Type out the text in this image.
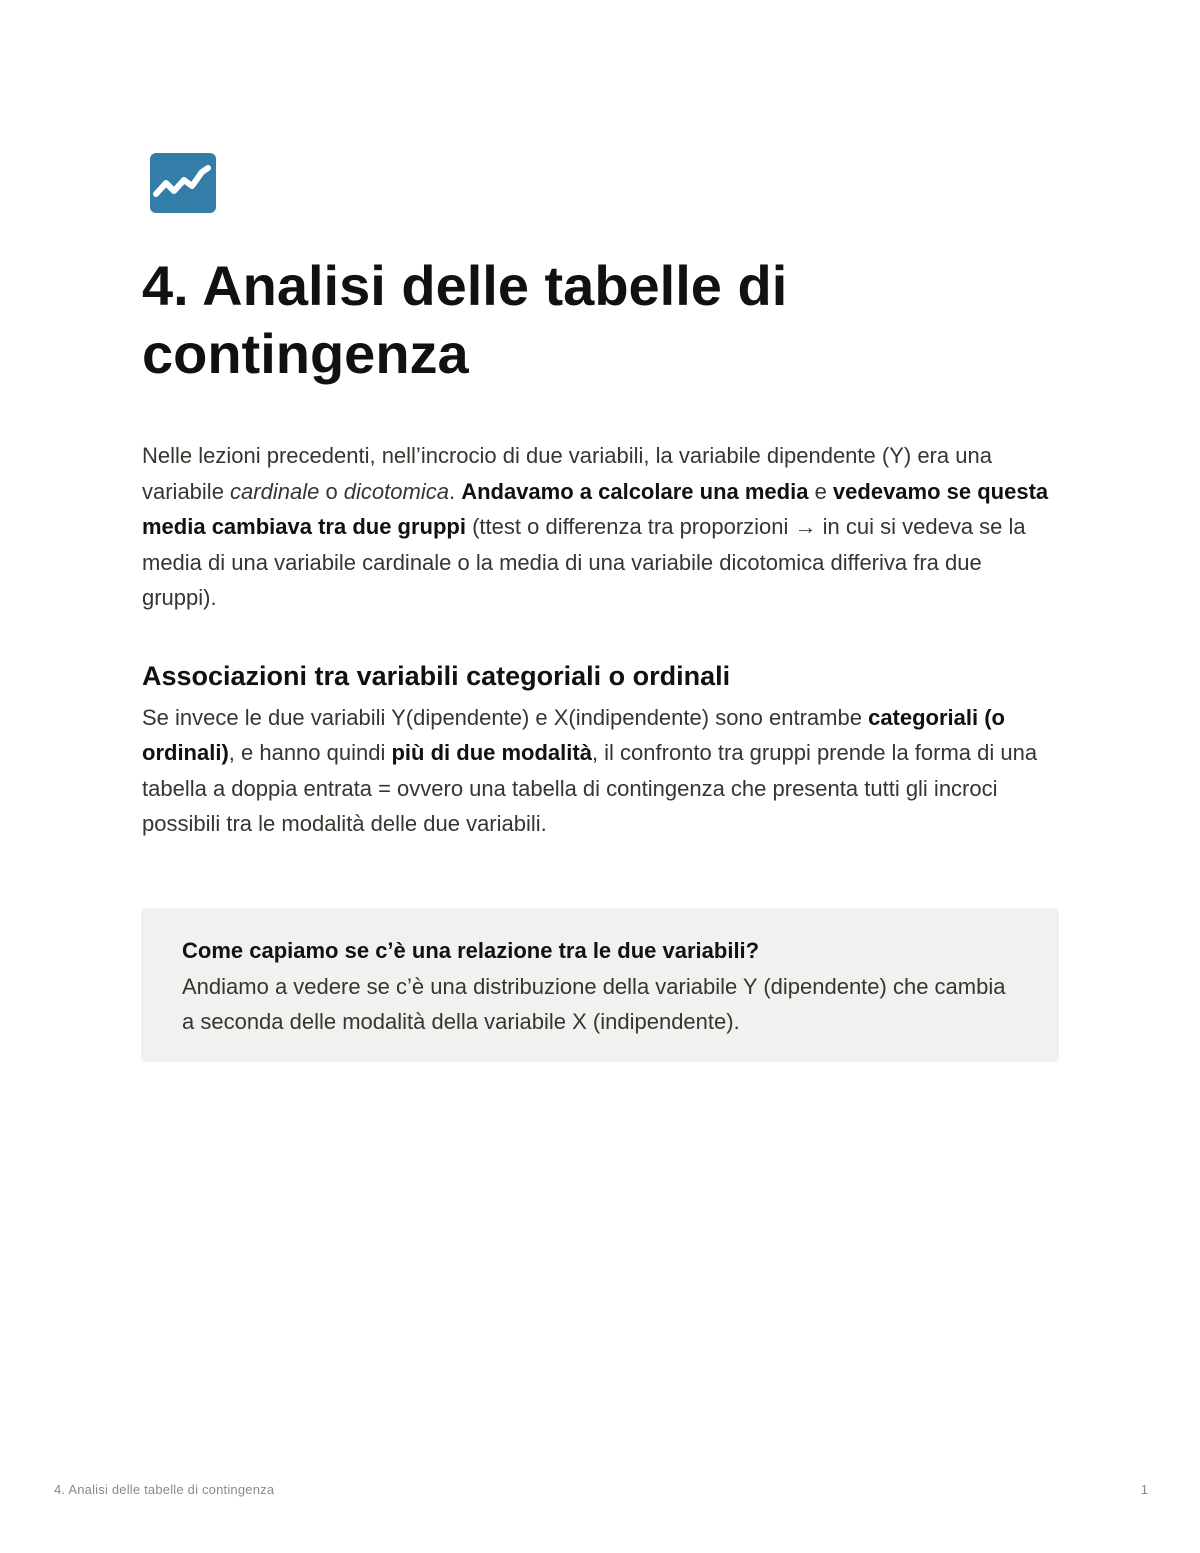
4. Analisi delle tabelle di contingenza

Nelle lezioni precedenti, nell’incrocio di due variabili, la variabile dipendente (Y) era una variabile cardinale o dicotomica. Andavamo a calcolare una media e vedevamo se questa media cambiava tra due gruppi (ttest o differenza tra proporzioni → in cui si vedeva se la media di una variabile cardinale o la media di una variabile dicotomica differiva fra due gruppi).

Associazioni tra variabili categoriali o ordinali

Se invece le due variabili Y(dipendente) e X(indipendente) sono entrambe categoriali (o ordinali), e hanno quindi più di due modalità, il confronto tra gruppi prende la forma di una tabella a doppia entrata = ovvero una tabella di contingenza che presenta tutti gli incroci possibili tra le modalità delle due variabili.

Come capiamo se c’è una relazione tra le due variabili?

Andiamo a vedere se c’è una distribuzione della variabile Y (dipendente) che cambia a seconda delle modalità della variabile X (indipendente).

4. Analisi delle tabelle di contingenza	1
